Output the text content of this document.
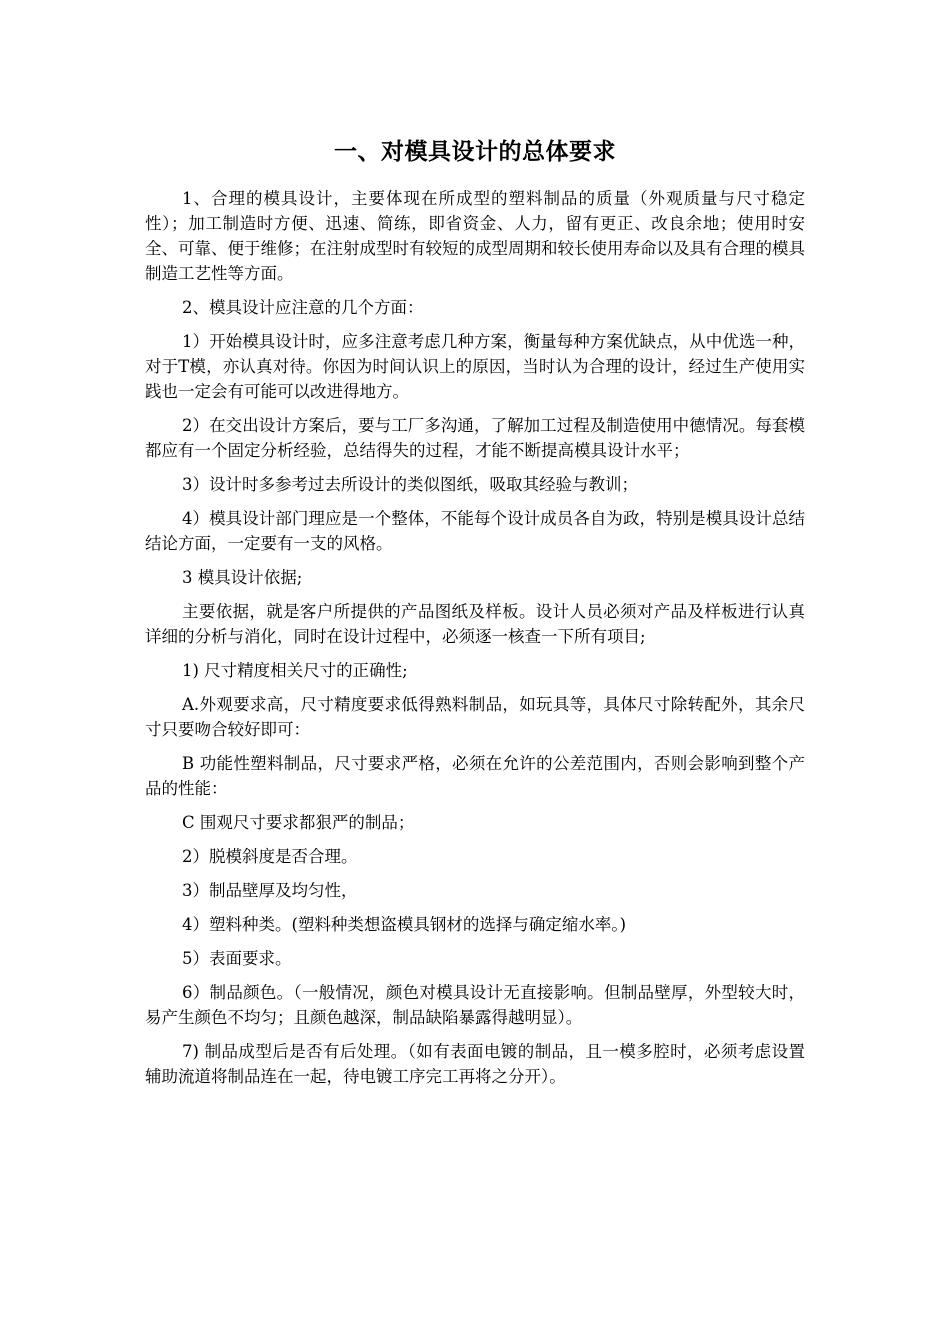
一、对模具设计的总体要求

1、合理的模具设计，主要体现在所成型的塑料制品的质量（外观质量与尺寸稳定性）；加工制造时方便、迅速、简练，即省资金、人力，留有更正、改良余地；使用时安全、可靠、便于维修；在注射成型时有较短的成型周期和较长使用寿命以及具有合理的模具制造工艺性等方面。

2、模具设计应注意的几个方面：

1）开始模具设计时，应多注意考虑几种方案，衡量每种方案优缺点，从中优选一种，对于T模，亦认真对待。你因为时间认识上的原因，当时认为合理的设计，经过生产使用实践也一定会有可能可以改进得地方。

2）在交出设计方案后，要与工厂多沟通，了解加工过程及制造使用中德情况。每套模都应有一个固定分析经验，总结得失的过程，才能不断提高模具设计水平；

3）设计时多参考过去所设计的类似图纸，吸取其经验与教训；

4）模具设计部门理应是一个整体，不能每个设计成员各自为政，特别是模具设计总结结论方面，一定要有一支的风格。

3 模具设计依据;

主要依据，就是客户所提供的产品图纸及样板。设计人员必须对产品及样板进行认真详细的分析与消化，同时在设计过程中，必须逐一核查一下所有项目;

1) 尺寸精度相关尺寸的正确性;

A.外观要求高，尺寸精度要求低得熟料制品，如玩具等，具体尺寸除转配外，其余尺寸只要吻合较好即可：

B 功能性塑料制品，尺寸要求严格，必须在允许的公差范围内，否则会影响到整个产品的性能：

C 围观尺寸要求都狠严的制品；

2）脱模斜度是否合理。

3）制品壁厚及均匀性，

4）塑料种类。(塑料种类想盗模具钢材的选择与确定缩水率。)

5）表面要求。

6）制品颜色。（一般情况，颜色对模具设计无直接影响。但制品壁厚，外型较大时，易产生颜色不均匀；且颜色越深，制品缺陷暴露得越明显）。

7) 制品成型后是否有后处理。（如有表面电镀的制品，且一模多腔时，必须考虑设置辅助流道将制品连在一起，待电镀工序完工再将之分开）。
